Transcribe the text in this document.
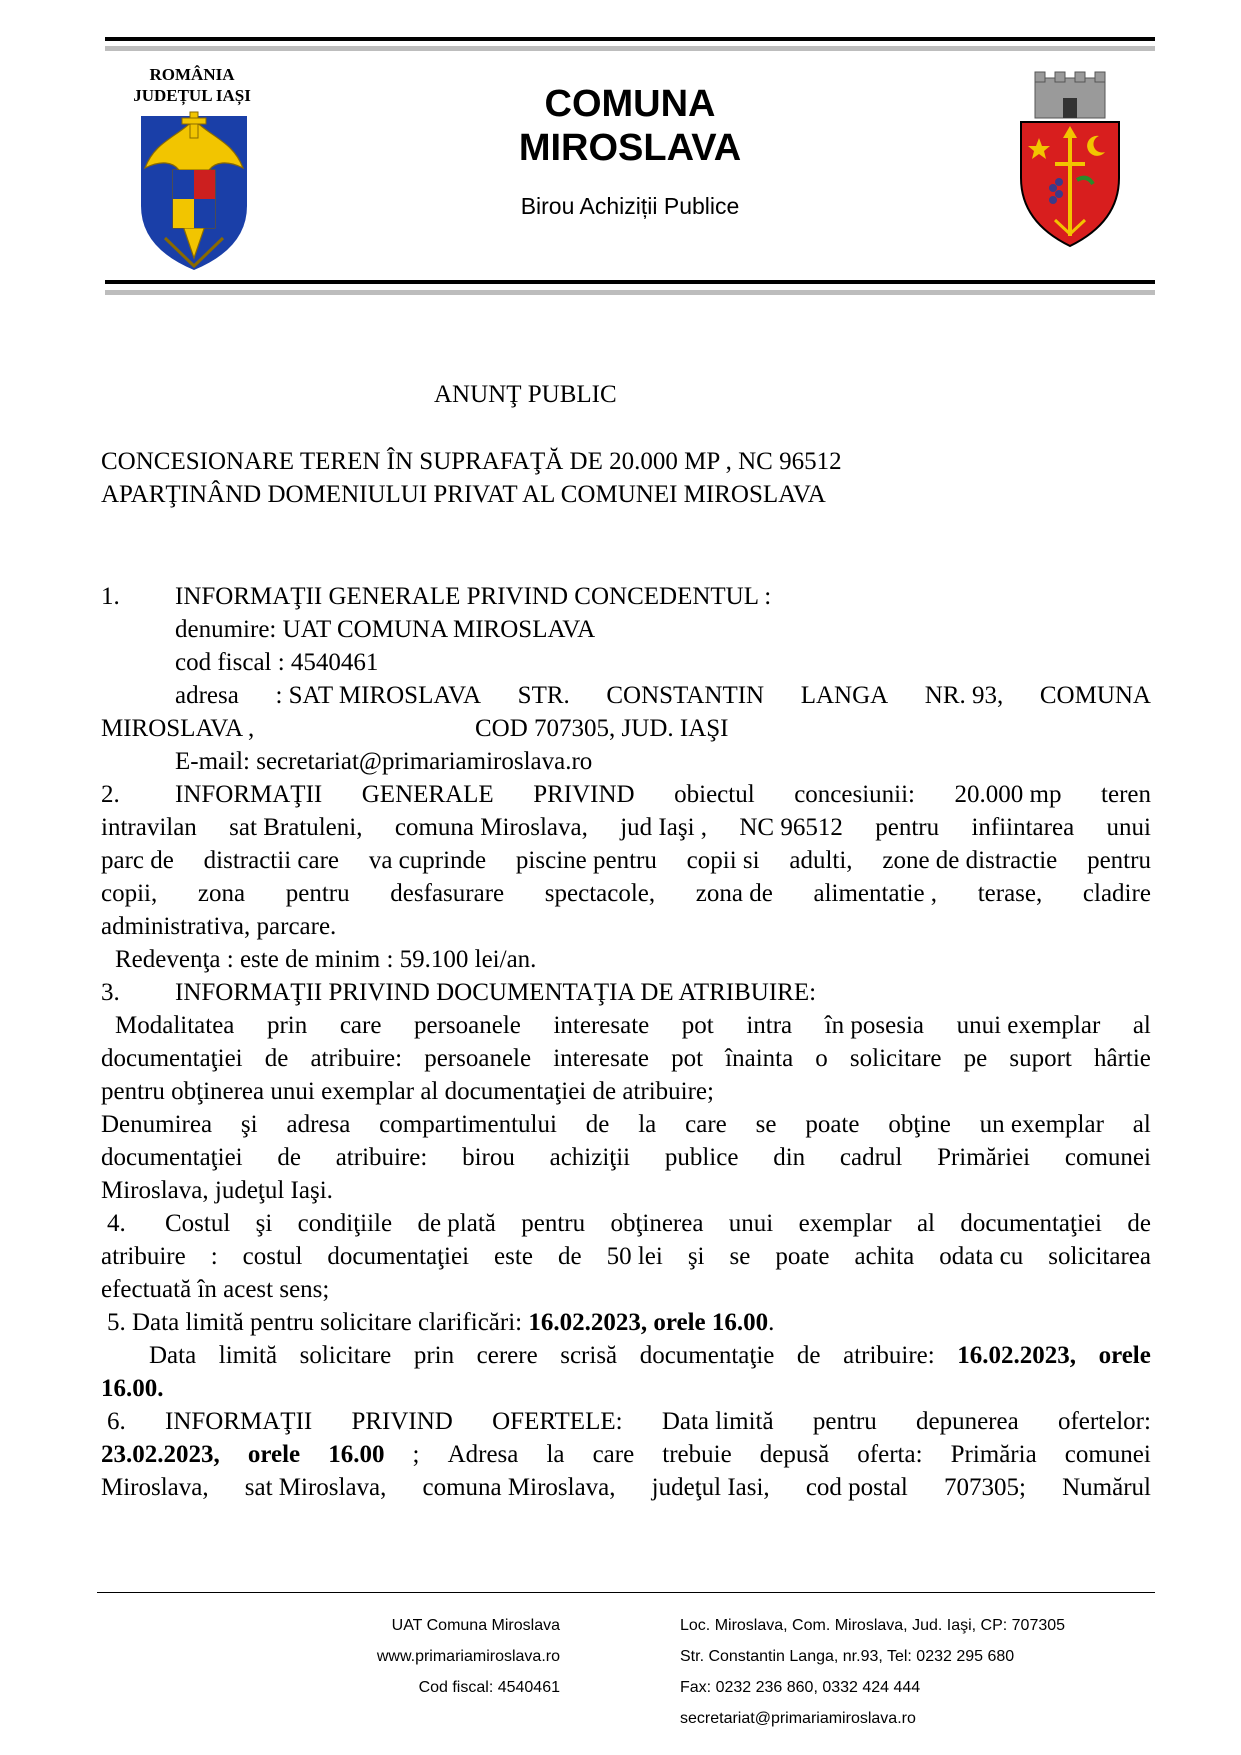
ROMÂNIA
JUDEȚUL IAȘI	COMUNA
MIROSLAVA
Birou Achiziții Publice
ANUNŢ PUBLIC
CONCESIONARE TEREN ÎN SUPRAFAŢĂ DE 20.000 MP , NC 96512
APARŢINÂND DOMENIULUI PRIVAT AL COMUNEI MIROSLAVA
1. INFORMAŢII GENERALE PRIVIND CONCEDENTUL :
denumire: UAT COMUNA MIROSLAVA
cod fiscal : 4540461
adresa : SAT MIROSLAVA STR. CONSTANTIN LANGA NR. 93, COMUNA
MIROSLAVA ,	COD 707305, JUD. IAŞI
E-mail: secretariat@primariamiroslava.ro
2. INFORMAŢII GENERALE PRIVIND obiectul concesiunii: 20.000 mp teren
intravilan sat Bratuleni, comuna Miroslava, jud Iaşi , NC 96512 pentru infiintarea unui
parc de distractii care va cuprinde piscine pentru copii si adulti, zone de distractie pentru
copii, zona pentru desfasurare spectacole, zona de alimentatie , terase, cladire
administrativa, parcare.
Redevenţa : este de minim : 59.100 lei/an.
3. INFORMAŢII PRIVIND DOCUMENTAŢIA DE ATRIBUIRE:
Modalitatea prin care persoanele interesate pot intra în posesia unui exemplar al
documentaţiei de atribuire: persoanele interesate pot înainta o solicitare pe suport hârtie
pentru obţinerea unui exemplar al documentaţiei de atribuire;
Denumirea şi adresa compartimentului de la care se poate obţine un exemplar al
documentaţiei de atribuire: birou achiziţii publice din cadrul Primăriei comunei
Miroslava, judeţul Iaşi.
4. Costul şi condiţiile de plată pentru obţinerea unui exemplar al documentaţiei de
atribuire : costul documentaţiei este de 50 lei şi se poate achita odata cu solicitarea
efectuată în acest sens;
5. Data limită pentru solicitare clarificări: 16.02.2023, orele 16.00.
Data limită solicitare prin cerere scrisă documentaţie de atribuire: 16.02.2023, orele
16.00.
6. INFORMAŢII PRIVIND OFERTELE: Data limită pentru depunerea ofertelor:
23.02.2023, orele 16.00 ; Adresa la care trebuie depusă oferta: Primăria comunei
Miroslava, sat Miroslava, comuna Miroslava, judeţul Iasi, cod postal 707305; Numărul
UAT Comuna Miroslava
www.primariamiroslava.ro
Cod fiscal: 4540461
Loc. Miroslava, Com. Miroslava, Jud. Iaşi, CP: 707305
Str. Constantin Langa, nr.93, Tel: 0232 295 680
Fax: 0232 236 860, 0332 424 444
secretariat@primariamiroslava.ro
